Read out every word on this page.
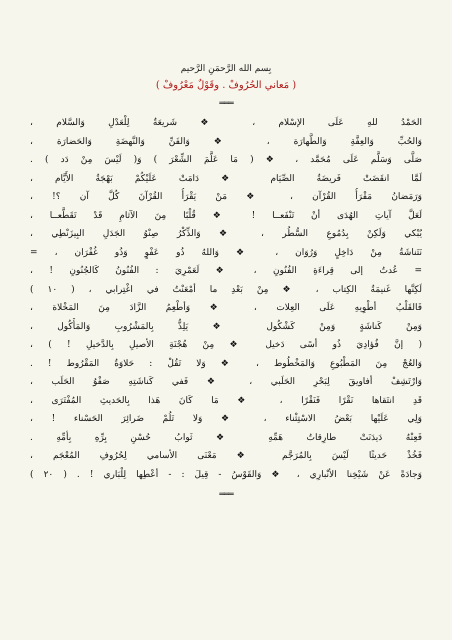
بِسم الله الرَّحمَنِ الرَّحيم
( مَعاني الحُرُوفْ . وقَوْلٌ مَعْرُوفْ )
═══
الحَمْدُ للهِ عَلَى الإسْلام ، ❖ شَريعَةٌ لِلْعَدْلِ وَالسَّلام ،
وَالحُبِّ وَالعِفَّةِ وَالطَّهارَة ، ❖ وَالفَنِّ وَالنَّهضَةِ وَالحَضارَة ،
صَلَّى وَسَلَّم عَلَى مُحَمَّد ، ❖ ( مَا عَلَّمَ الشِّعْرَ ) وَ( لَيْسَ مِنْ دَد ) .
لَمَّا انقَضَتْ فَريضَةُ الصِّيَام ❖ دَامَتْ عَلَيْكُمْ بَهْجَةُ الأَيَّام ،
وَرَمَضانُ مَقْرَأُ القُرْآن ، ❖ مَنْ يَقْرَأُ القُرْآنَ كُلَّ آن ؟! ،
لَعَلَّ آياتِ الهُدَى أنْ تَنْفَعــا ! ❖ قُلْبًا مِنَ الآثامِ قَدْ تَقَطَّعــا ،
يُبْكي وَلَكِنْ بِدُمُوعِ السُّطُر ، ❖ وَالذِّكْرُ صِنْوُ الجَدَلِ البِيزَنْطِي ،
نَتَناشَةُ مِنْ دَاخِلٍ وَرُوَان ، ❖ وَاللهُ ذُو عَفْوٍ وَذُو غُفْرَان ، =
= عُدتُ إلى قِراءَةِ الفُنُونِ ، ❖ لَعَمْرِيَ : الفُنُونُ كَالجُنُونِ ! ،
لَكِنَّها غَنيمَةُ الكِتاب ، ❖ مِنْ بَعْدِ ما أمْعَنْتُ في اغْتِرابي ، ( ١٠ )
فَالقَلْبُ أطْوِيهِ عَلَى العِلات ، ❖ وَأطْعِمُ الزَّادَ مِنَ المَخْلاة ،
وَمِنْ كَناشَةٍ وَمِنْ كَشْكُول ❖ يَلِذُّ بِالمَشْرُوبِ وَالمَأْكُول ،
( إنَّ فُؤادِيَ ذُو أسًى دَخيل ❖ مِنْ هُجْنَةِ الأصيلِ بِالدَّخيلِ ! ) ،
وَالعُجْ مِنَ المَطْبُوعِ وَالمَخْطُوط ، ❖ وَلا تَقُلْ : حَلاوَةُ المَقْرُوط ! .
وَارْتَشِفْ أفاويقَ لِبَحْرِ الحَلَبي ، ❖ فَفي كَناشَتِهِ صَفْوُ الحَلَب ،
قَدِ انتَقاها نَقْرًا فَنَقْرًا ، ❖ مَا كَانَ هَذا بِالحَديثِ المُفْتَرَى ،
وَلِي عَلَيْها بَعْضُ الاسْتِثْناء ، ❖ وَلا تَلُمْ ضَرائِرَ الحَسْناء ! ،
فَعِنْهُ دَيدَنَتْ طارِقاتُ هَمِّهِ ❖ ثَوابُ حُسْنِ بِرِّهِ بِأمِّهِ .
فَخُذْ حَديثًا لَيْسَ بِالمُرَجَّم ❖ مَعْنَى الأسامي لِحُرُوفِ المُعْجَم ،
وَجادَةً عَنْ شَيْخِنا الأنْبارِي ، ❖ وَالقَوْسُ - قِيلَ : - أعْطِها لِلْبَاري ! . ( ٢٠ )
═══
